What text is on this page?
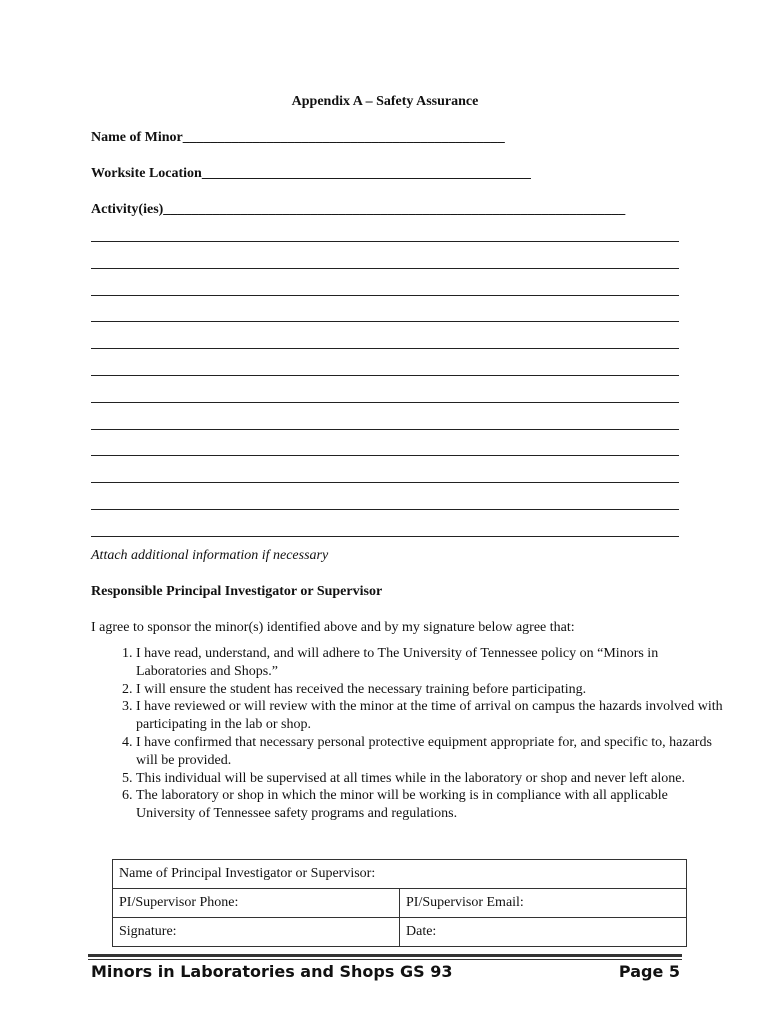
Appendix A – Safety Assurance
Name of Minor______________________________________________
Worksite Location_______________________________________________
Activity(ies)__________________________________________________________________
Attach additional information if necessary
Responsible Principal Investigator or Supervisor
I agree to sponsor the minor(s) identified above and by my signature below agree that:
1. I have read, understand, and will adhere to The University of Tennessee policy on “Minors in Laboratories and Shops.”
2. I will ensure the student has received the necessary training before participating.
3. I have reviewed or will review with the minor at the time of arrival on campus the hazards involved with participating in the lab or shop.
4. I have confirmed that necessary personal protective equipment appropriate for, and specific to, hazards will be provided.
5. This individual will be supervised at all times while in the laboratory or shop and never left alone.
6. The laboratory or shop in which the minor will be working is in compliance with all applicable University of Tennessee safety programs and regulations.
Name of Principal Investigator or Supervisor:	
PI/Supervisor Phone:	PI/Supervisor Email:
Signature:	Date:
Minors in Laboratories and Shops GS 93	Page 5
